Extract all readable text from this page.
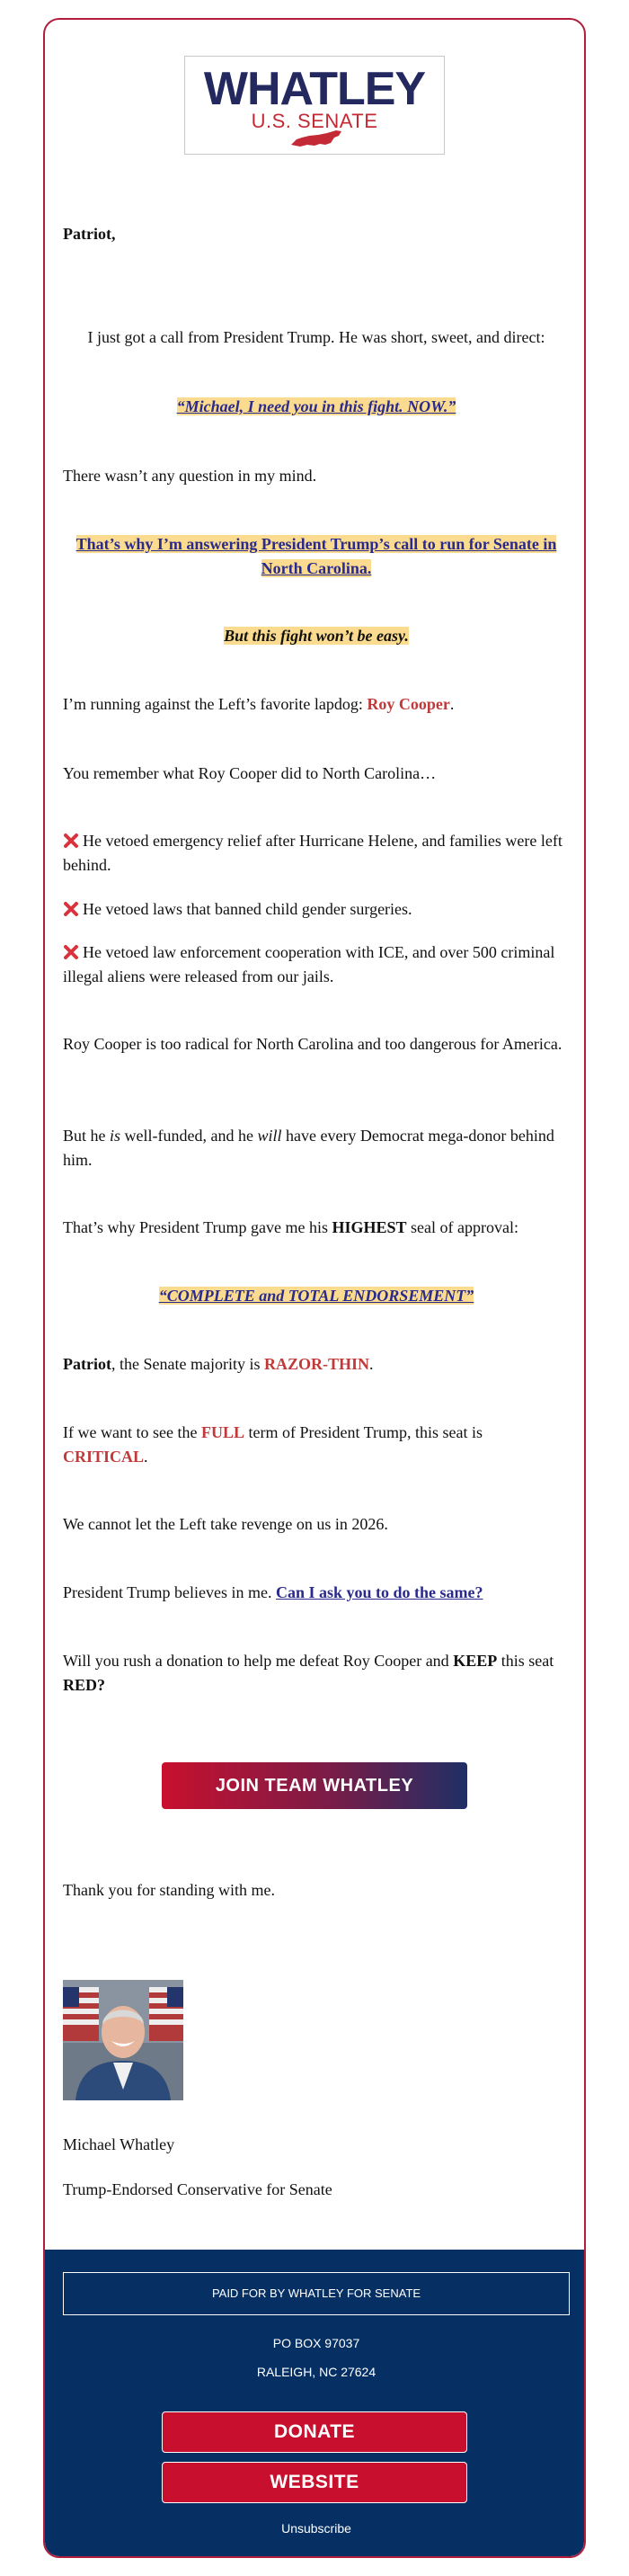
WHATLEY
U.S. SENATE
Patriot,
I just got a call from President Trump. He was short, sweet, and direct:
“Michael, I need you in this fight. NOW.”
There wasn’t any question in my mind.
That’s why I’m answering President Trump’s call to run for Senate in North Carolina.
But this fight won’t be easy.
I’m running against the Left’s favorite lapdog: Roy Cooper.
You remember what Roy Cooper did to North Carolina…
He vetoed emergency relief after Hurricane Helene, and families were left behind.
He vetoed laws that banned child gender surgeries.
He vetoed law enforcement cooperation with ICE, and over 500 criminal illegal aliens were released from our jails.
Roy Cooper is too radical for North Carolina and too dangerous for America.
But he is well-funded, and he will have every Democrat mega-donor behind him.
That’s why President Trump gave me his HIGHEST seal of approval:
“COMPLETE and TOTAL ENDORSEMENT”
Patriot, the Senate majority is RAZOR-THIN.
If we want to see the FULL term of President Trump, this seat is CRITICAL.
We cannot let the Left take revenge on us in 2026.
President Trump believes in me. Can I ask you to do the same?
Will you rush a donation to help me defeat Roy Cooper and KEEP this seat RED?
JOIN TEAM WHATLEY
Thank you for standing with me.
Michael Whatley
Trump-Endorsed Conservative for Senate
PAID FOR BY WHATLEY FOR SENATE
PO BOX 97037
RALEIGH, NC 27624
DONATE
WEBSITE
Unsubscribe
